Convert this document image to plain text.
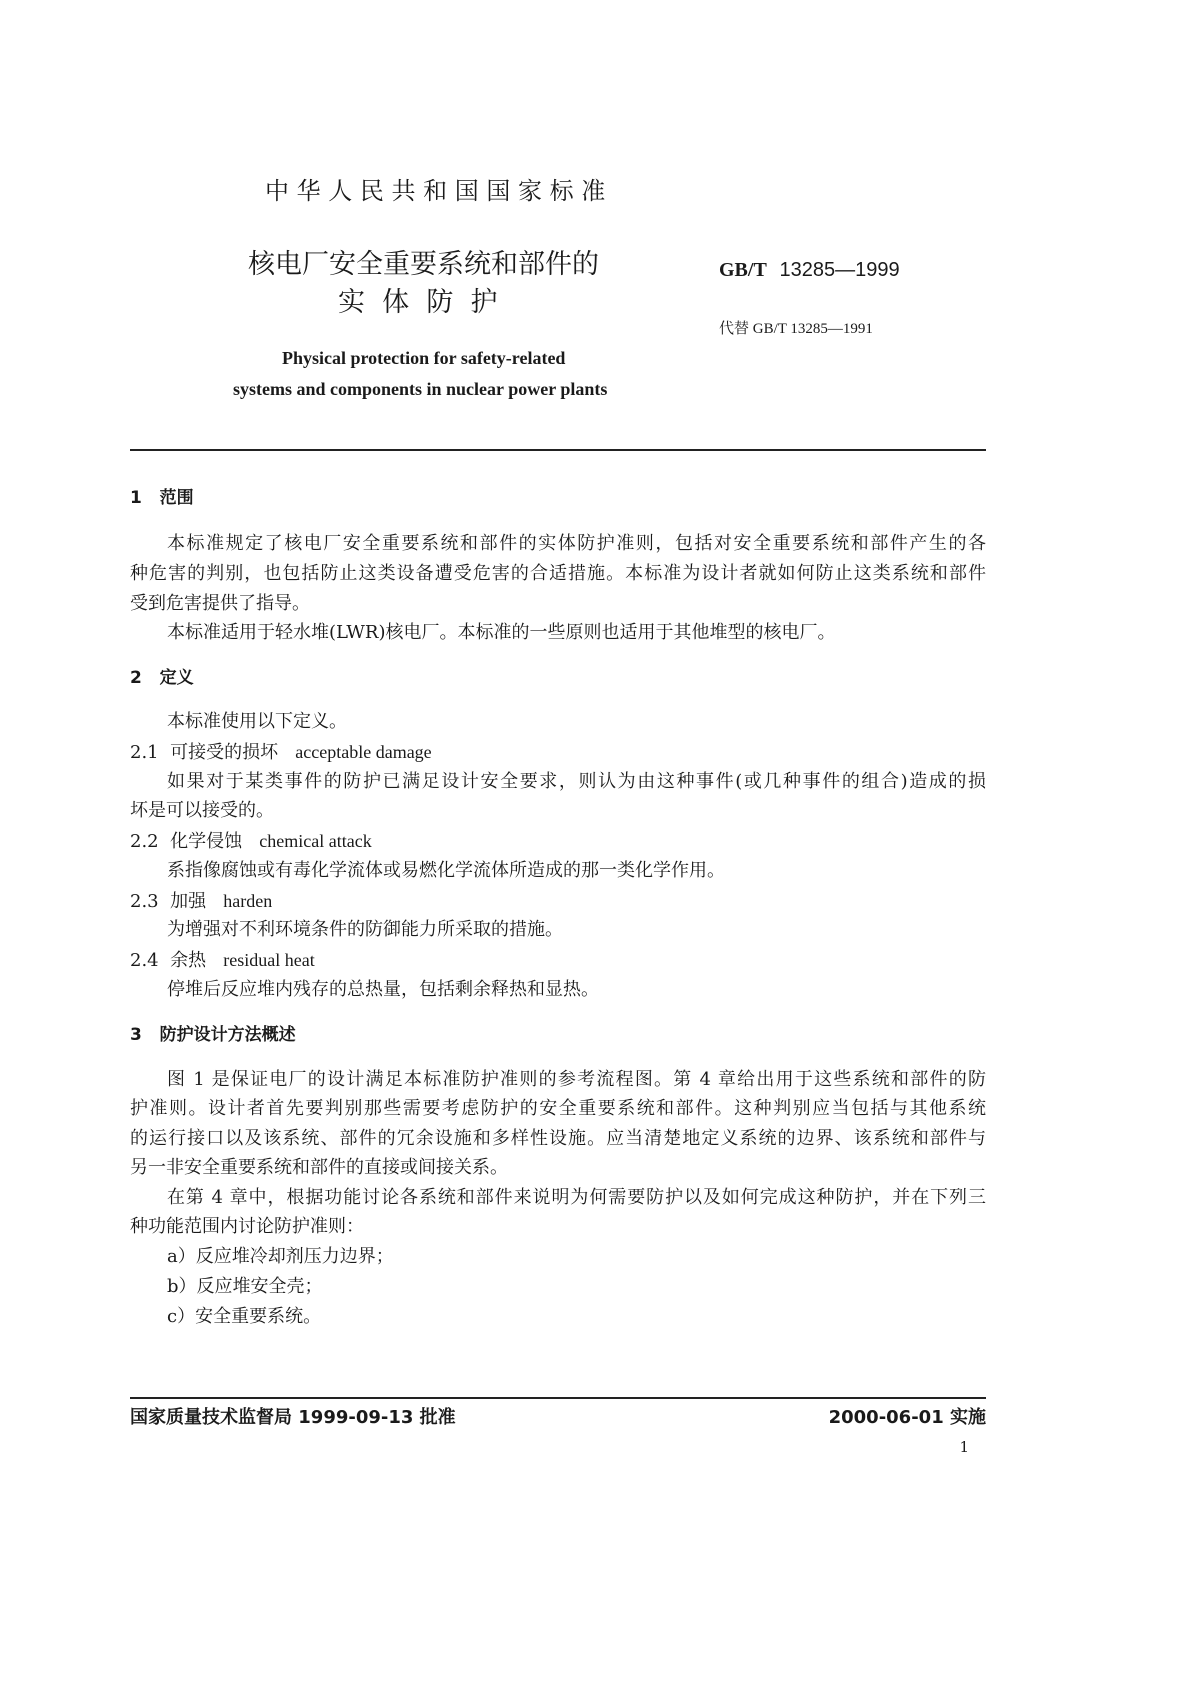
中 华 人 民 共 和 国 国 家 标 准
核电厂安全重要系统和部件的
实  体  防  护
Physical protection for safety-related
systems and components in nuclear power plants
GB/T 13285—1999
代替 GB/T 13285—1991
1 范围
本标准规定了核电厂安全重要系统和部件的实体防护准则，包括对安全重要系统和部件产生的各
种危害的判别，也包括防止这类设备遭受危害的合适措施。本标准为设计者就如何防止这类系统和部件
受到危害提供了指导。
本标准适用于轻水堆(LWR)核电厂。本标准的一些原则也适用于其他堆型的核电厂。
2 定义
本标准使用以下定义。
2.1 可接受的损坏 acceptable damage
如果对于某类事件的防护已满足设计安全要求，则认为由这种事件(或几种事件的组合)造成的损
坏是可以接受的。
2.2 化学侵蚀 chemical attack
系指像腐蚀或有毒化学流体或易燃化学流体所造成的那一类化学作用。
2.3 加强 harden
为增强对不利环境条件的防御能力所采取的措施。
2.4 余热 residual heat
停堆后反应堆内残存的总热量，包括剩余释热和显热。
3 防护设计方法概述
图 1 是保证电厂的设计满足本标准防护准则的参考流程图。第 4 章给出用于这些系统和部件的防
护准则。设计者首先要判别那些需要考虑防护的安全重要系统和部件。这种判别应当包括与其他系统
的运行接口以及该系统、部件的冗余设施和多样性设施。应当清楚地定义系统的边界、该系统和部件与
另一非安全重要系统和部件的直接或间接关系。
在第 4 章中，根据功能讨论各系统和部件来说明为何需要防护以及如何完成这种防护，并在下列三
种功能范围内讨论防护准则：
a）反应堆冷却剂压力边界；
b）反应堆安全壳；
c）安全重要系统。
国家质量技术监督局 1999-09-13 批准	2000-06-01 实施
1
